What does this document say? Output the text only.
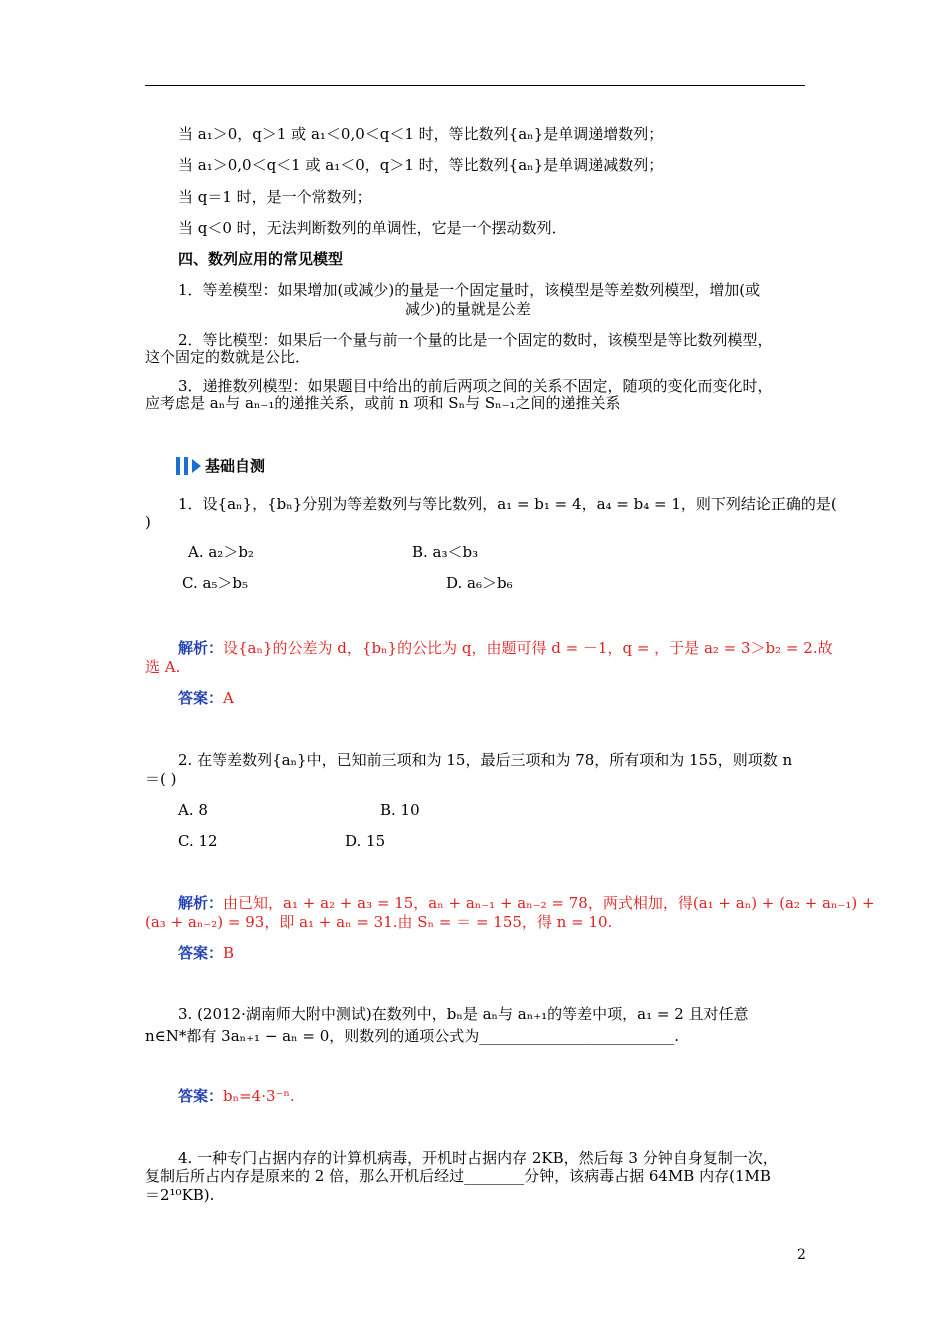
当 a₁＞0，q＞1 或 a₁＜0,0＜q＜1 时，等比数列{aₙ}是单调递增数列；
当 a₁＞0,0＜q＜1 或 a₁＜0，q＞1 时，等比数列{aₙ}是单调递减数列；
当 q＝1 时，是一个常数列；
当 q＜0 时，无法判断数列的单调性，它是一个摆动数列．
四、数列应用的常见模型
1．等差模型：如果增加(或减少)的量是一个固定量时，该模型是等差数列模型，增加(或
减少)的量就是公差
2．等比模型：如果后一个量与前一个量的比是一个固定的数时，该模型是等比数列模型，
这个固定的数就是公比．
3．递推数列模型：如果题目中给出的前后两项之间的关系不固定，随项的变化而变化时，
应考虑是 aₙ与 aₙ₋₁的递推关系，或前 n 项和 Sₙ与 Sₙ₋₁之间的递推关系
基础自测
1．设{aₙ}，{bₙ}分别为等差数列与等比数列，a₁ = b₁ = 4，a₄ = b₄ = 1，则下列结论正确的是(
)
A. a₂＞b₂	B. a₃＜b₃
C. a₅＞b₅	D. a₆＞b₆
解析：设{aₙ}的公差为 d，{bₙ}的公比为 q，由题可得 d = －1，q = ，于是 a₂ = 3＞b₂ = 2.故
选 A.
答案：A
2. 在等差数列{aₙ}中，已知前三项和为 15，最后三项和为 78，所有项和为 155，则项数 n
＝( )
A. 8	B. 10
C. 12	D. 15
解析：由已知，a₁ + a₂ + a₃ = 15，aₙ + aₙ₋₁ + aₙ₋₂ = 78，两式相加，得(a₁ + aₙ) + (a₂ + aₙ₋₁) +
(a₃ + aₙ₋₂) = 93，即 a₁ + aₙ = 31.由 Sₙ = ＝ = 155，得 n = 10.
答案：B
3. (2012·湖南师大附中测试)在数列中，bₙ是 aₙ与 aₙ₊₁的等差中项，a₁ = 2 且对任意
n∈N*都有 3aₙ₊₁ − aₙ = 0，则数列的通项公式为__________________________.
答案：bₙ=4·3⁻ⁿ.
4. 一种专门占据内存的计算机病毒，开机时占据内存 2KB，然后每 3 分钟自身复制一次，
复制后所占内存是原来的 2 倍，那么开机后经过________分钟，该病毒占据 64MB 内存(1MB
＝2¹⁰KB).
2
